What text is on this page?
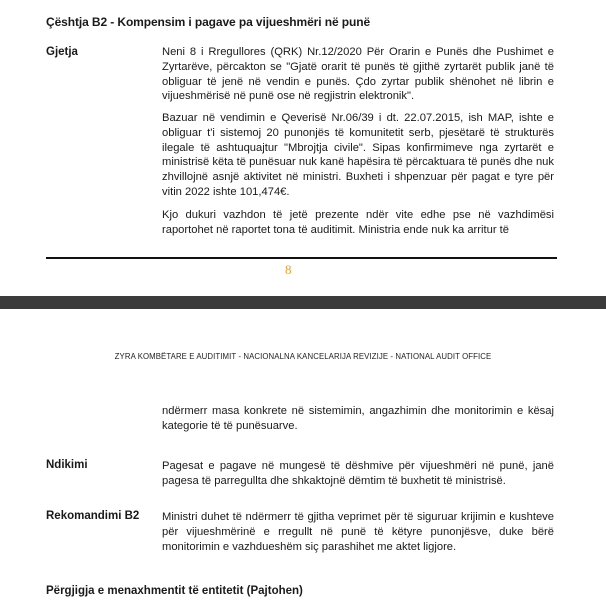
Çështja B2 - Kompensim i pagave pa vijueshmëri në punë
Gjetja	Neni 8 i Rregullores (QRK) Nr.12/2020 Për Orarin e Punës dhe Pushimet e Zyrtarëve, përcakton se "Gjatë orarit të punës të gjithë zyrtarët publik janë të obliguar të jenë në vendin e punës. Çdo zyrtar publik shënohet në librin e vijueshmërisë në punë ose në regjistrin elektronik".
Bazuar në vendimin e Qeverisë Nr.06/39 i dt. 22.07.2015, ish MAP, ishte e obliguar t'i sistemoj 20 punonjës të komunitetit serb, pjesëtarë të strukturës ilegale të ashtuquajtur "Mbrojtja civile". Sipas konfirmimeve nga zyrtarët e ministrisë këta të punësuar nuk kanë hapësira të përcaktuara të punës dhe nuk zhvillojnë asnjë aktivitet në ministri. Buxheti i shpenzuar për pagat e tyre për vitin 2022 ishte 101,474€.
Kjo dukuri vazhdon të jetë prezente ndër vite edhe pse në vazhdimësi raportohet në raportet tona të auditimit. Ministria ende nuk ka arritur të
8
ZYRA KOMBËTARE E AUDITIMIT - NACIONALNA KANCELARIJA REVIZIJE - NATIONAL AUDIT OFFICE
ndërmerr masa konkrete në sistemimin, angazhimin dhe monitorimin e kësaj kategorie të të punësuarve.
Ndikimi	Pagesat e pagave në mungesë të dëshmive për vijueshmëri në punë, janë pagesa të parregullta dhe shkaktojnë dëmtim të buxhetit të ministrisë.
Rekomandimi B2 Ministri duhet të ndërmerr të gjitha veprimet për të siguruar krijimin e kushteve për vijueshmërinë e rregullt në punë të këtyre punonjësve, duke bërë monitorimin e vazhdueshëm siç parashihet me aktet ligjore.
Përgjigja e menaxhmentit të entitetit (Pajtohen)
